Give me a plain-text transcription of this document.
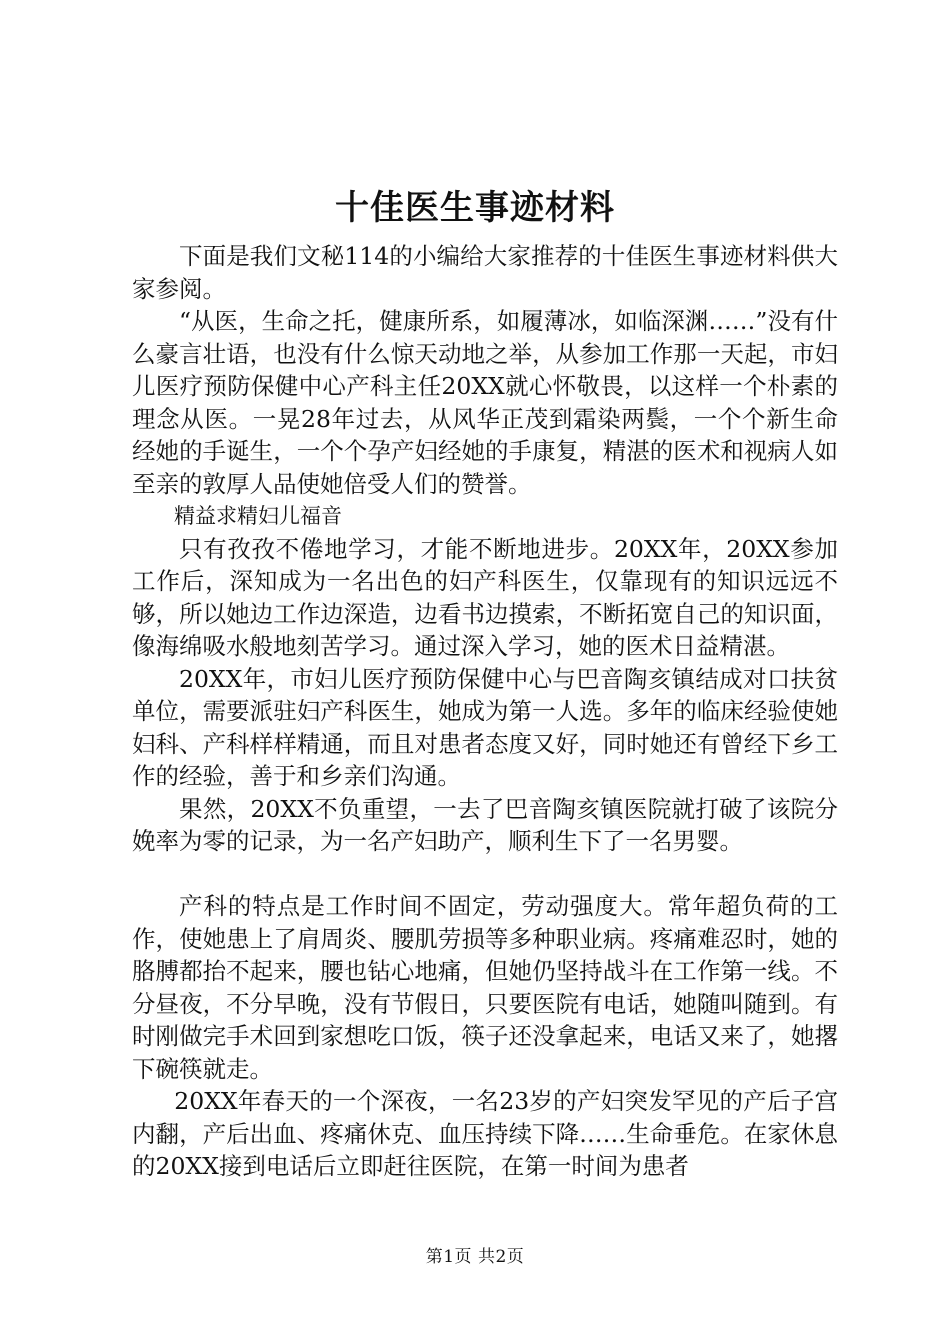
十佳医生事迹材料

下面是我们文秘114的小编给大家推荐的十佳医生事迹材料供大家参阅。

“从医，生命之托，健康所系，如履薄冰，如临深渊……”没有什么豪言壮语，也没有什么惊天动地之举，从参加工作那一天起，市妇儿医疗预防保健中心产科主任20XX就心怀敬畏，以这样一个朴素的理念从医。一晃28年过去，从风华正茂到霜染两鬓，一个个新生命经她的手诞生，一个个孕产妇经她的手康复，精湛的医术和视病人如至亲的敦厚人品使她倍受人们的赞誉。

精益求精妇儿福音

只有孜孜不倦地学习，才能不断地进步。20XX年，20XX参加工作后，深知成为一名出色的妇产科医生，仅靠现有的知识远远不够，所以她边工作边深造，边看书边摸索，不断拓宽自己的知识面，像海绵吸水般地刻苦学习。通过深入学习，她的医术日益精湛。

20XX年，市妇儿医疗预防保健中心与巴音陶亥镇结成对口扶贫单位，需要派驻妇产科医生，她成为第一人选。多年的临床经验使她妇科、产科样样精通，而且对患者态度又好，同时她还有曾经下乡工作的经验，善于和乡亲们沟通。

果然，20XX不负重望，一去了巴音陶亥镇医院就打破了该院分娩率为零的记录，为一名产妇助产，顺利生下了一名男婴。

产科的特点是工作时间不固定，劳动强度大。常年超负荷的工作，使她患上了肩周炎、腰肌劳损等多种职业病。疼痛难忍时，她的胳膊都抬不起来，腰也钻心地痛，但她仍坚持战斗在工作第一线。不分昼夜，不分早晚，没有节假日，只要医院有电话，她随叫随到。有时刚做完手术回到家想吃口饭，筷子还没拿起来，电话又来了，她撂下碗筷就走。

20XX年春天的一个深夜，一名23岁的产妇突发罕见的产后子宫内翻，产后出血、疼痛休克、血压持续下降……生命垂危。在家休息的20XX接到电话后立即赶往医院，在第一时间为患者

第1页 共2页
